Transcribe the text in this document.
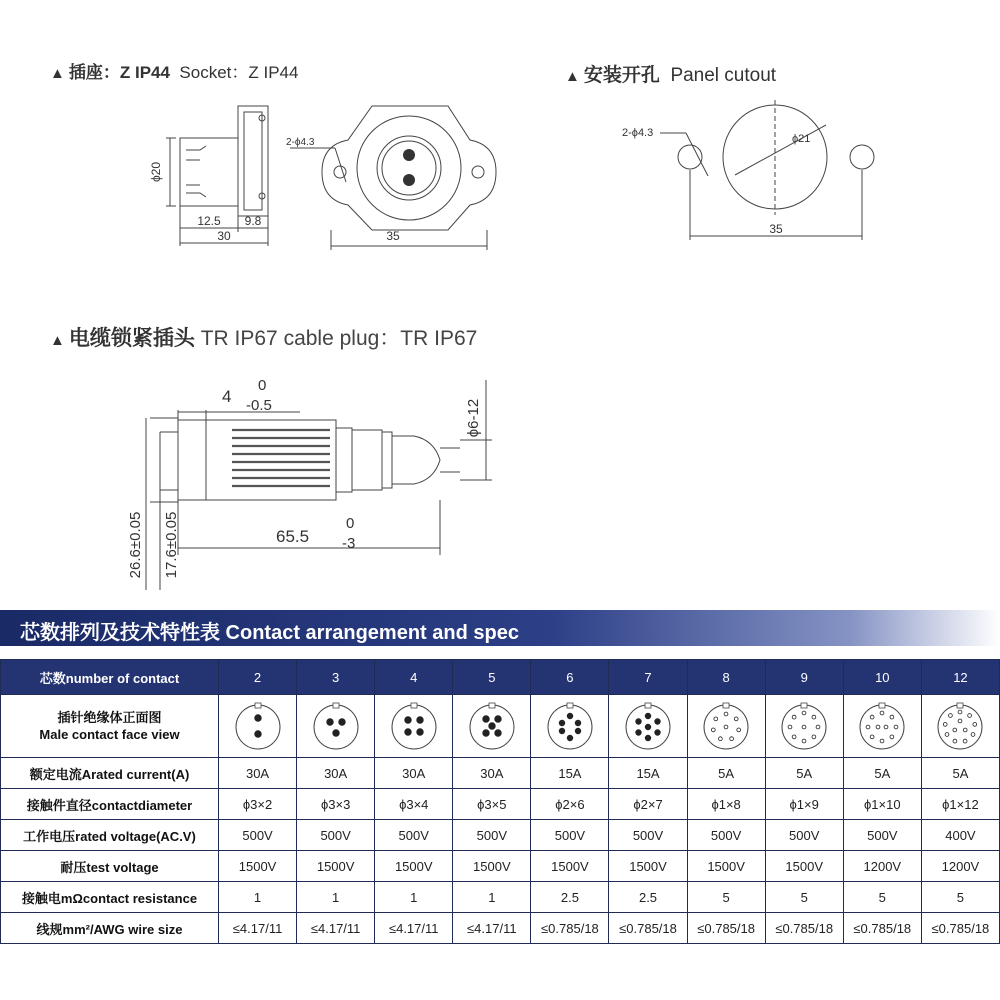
▲ 插座：Z IP44 Socket：Z IP44	▲ 安装开孔 Panel cutout
▲ 电缆锁紧插头 TR IP67 cable plug：TR IP67
ϕ20
12.5 9.8
30
2-ϕ4.3
35
2-ϕ4.3	ϕ21
35
4
0
-0.5	ϕ6-12
65.5
0
-3
26.6±0.05 17.6±0.05
芯数排列及技术特性表 Contact arrangement and spec
芯数number of contact	2	3	4	5	6	7	8	9	10	12

插针绝缘体正面图
Male contact face view

额定电流Arated current(A)	30A	30A	30A	30A	15A	15A	5A	5A	5A	5A
接触件直径contactdiameter	ϕ3×2	ϕ3×3	ϕ3×4	ϕ3×5	ϕ2×6	ϕ2×7	ϕ1×8	ϕ1×9	ϕ1×10	ϕ1×12
工作电压rated voltage(AC.V)	500V	500V	500V	500V	500V	500V	500V	500V	500V	400V
耐压test voltage	1500V	1500V	1500V	1500V	1500V	1500V	1500V	1500V	1200V	1200V
接触电mΩcontact resistance	1	1	1	1	2.5	2.5	5	5	5	5
线规mm²/AWG wire size	≤4.17/11	≤4.17/11	≤4.17/11	≤4.17/11	≤0.785/18	≤0.785/18	≤0.785/18	≤0.785/18	≤0.785/18	≤0.785/18
